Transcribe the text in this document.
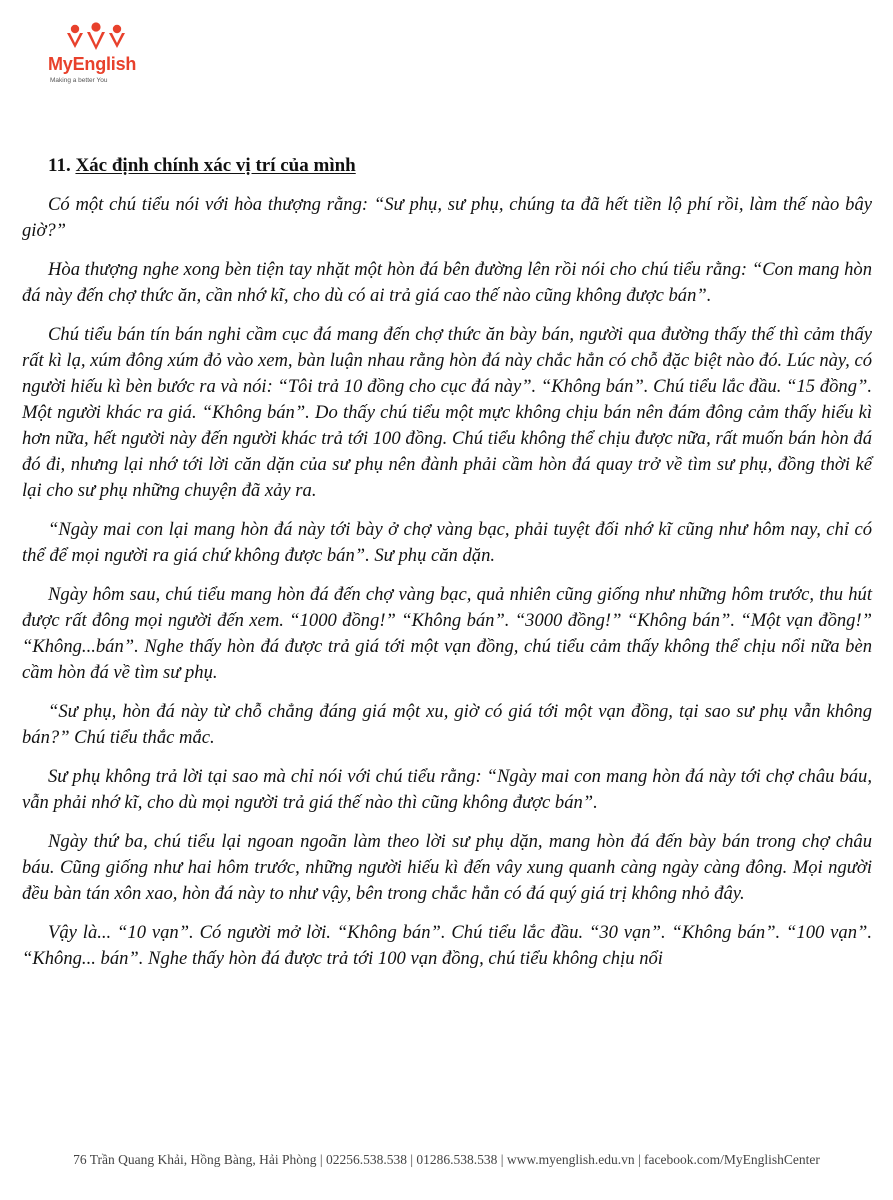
MyEnglish
Making a better You
11. Xác định chính xác vị trí của mình

Có một chú tiểu nói với hòa thượng rằng: “Sư phụ, sư phụ, chúng ta đã hết tiền lộ phí rồi, làm thế nào bây giờ?”

Hòa thượng nghe xong bèn tiện tay nhặt một hòn đá bên đường lên rồi nói cho chú tiểu rằng: “Con mang hòn đá này đến chợ thức ăn, cần nhớ kĩ, cho dù có ai trả giá cao thế nào cũng không được bán”.

Chú tiểu bán tín bán nghi cầm cục đá mang đến chợ thức ăn bày bán, người qua đường thấy thế thì cảm thấy rất kì lạ, xúm đông xúm đỏ vào xem, bàn luận nhau rằng hòn đá này chắc hẳn có chỗ đặc biệt nào đó. Lúc này, có người hiếu kì bèn bước ra và nói: “Tôi trả 10 đồng cho cục đá này”. “Không bán”. Chú tiểu lắc đầu. “15 đồng”. Một người khác ra giá. “Không bán”. Do thấy chú tiểu một mực không chịu bán nên đám đông cảm thấy hiếu kì hơn nữa, hết người này đến người khác trả tới 100 đồng. Chú tiểu không thể chịu được nữa, rất muốn bán hòn đá đó đi, nhưng lại nhớ tới lời căn dặn của sư phụ nên đành phải cầm hòn đá quay trở về tìm sư phụ, đồng thời kể lại cho sư phụ những chuyện đã xảy ra.

“Ngày mai con lại mang hòn đá này tới bày ở chợ vàng bạc, phải tuyệt đối nhớ kĩ cũng như hôm nay, chỉ có thể để mọi người ra giá chứ không được bán”. Sư phụ căn dặn.

Ngày hôm sau, chú tiểu mang hòn đá đến chợ vàng bạc, quả nhiên cũng giống như những hôm trước, thu hút được rất đông mọi người đến xem. “1000 đồng!” “Không bán”. “3000 đồng!” “Không bán”. “Một vạn đồng!” “Không...bán”. Nghe thấy hòn đá được trả giá tới một vạn đồng, chú tiểu cảm thấy không thể chịu nổi nữa bèn cầm hòn đá về tìm sư phụ.

“Sư phụ, hòn đá này từ chỗ chẳng đáng giá một xu, giờ có giá tới một vạn đồng, tại sao sư phụ vẫn không bán?” Chú tiểu thắc mắc.

Sư phụ không trả lời tại sao mà chỉ nói với chú tiểu rằng: “Ngày mai con mang hòn đá này tới chợ châu báu, vẫn phải nhớ kĩ, cho dù mọi người trả giá thế nào thì cũng không được bán”.

Ngày thứ ba, chú tiểu lại ngoan ngoãn làm theo lời sư phụ dặn, mang hòn đá đến bày bán trong chợ châu báu. Cũng giống như hai hôm trước, những người hiếu kì đến vây xung quanh càng ngày càng đông. Mọi người đều bàn tán xôn xao, hòn đá này to như vậy, bên trong chắc hẳn có đá quý giá trị không nhỏ đây.

Vậy là... “10 vạn”. Có người mở lời. “Không bán”. Chú tiểu lắc đầu. “30 vạn”. “Không bán”. “100 vạn”. “Không... bán”. Nghe thấy hòn đá được trả tới 100 vạn đồng, chú tiểu không chịu nổi

76 Trần Quang Khải, Hồng Bàng, Hải Phòng | 02256.538.538 | 01286.538.538 | www.myenglish.edu.vn | facebook.com/MyEnglishCenter
